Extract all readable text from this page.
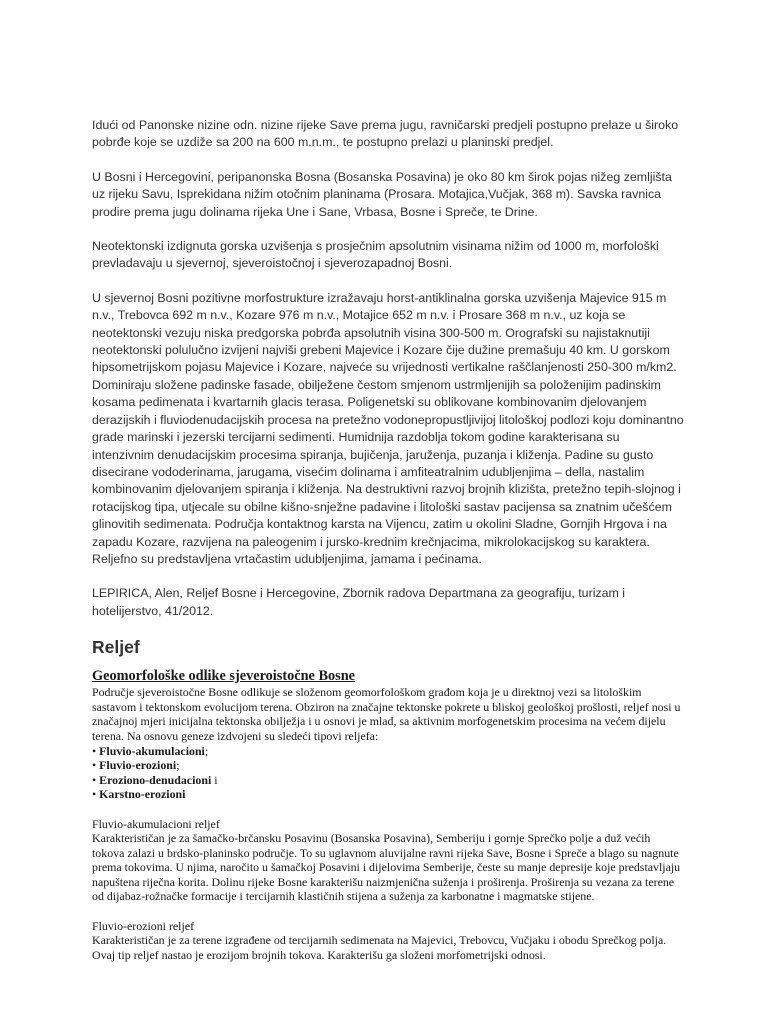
Idući od Panonske nizine odn. nizine rijeke Save prema jugu, ravničarski predjeli postupno prelaze u široko pobrđe koje se uzdiže sa 200 na 600 m.n.m., te postupno prelazi u planinski predjel.

U Bosni i Hercegovini, peripanonska Bosna (Bosanska Posavina) je oko 80 km širok pojas nižeg zemljišta uz rijeku Savu, Isprekidana nižim otočnim planinama (Prosara. Motajica,Vučjak, 368 m). Savska ravnica prodire prema jugu dolinama rijeka Une i Sane, Vrbasa, Bosne i Spreče, te Drine.

Neotektonski izdignuta gorska uzvišenja s prosječnim apsolutnim visinama nižim od 1000 m, morfološki prevladavaju u sjevernoj, sjeveroistočnoj i sjeverozapadnoj Bosni.

U sjevernoj Bosni pozitivne morfostrukture izražavaju horst-antiklinalna gorska uzvišenja Majevice 915 m n.v., Trebovca 692 m n.v., Kozare 976 m n.v., Motajice 652 m n.v. i Prosare 368 m n.v., uz koja se neotektonski vezuju niska predgorska pobrđa apsolutnih visina 300-500 m. Orografski su najistaknutiji neotektonski polulučno izvijeni najviši grebeni Majevice i Kozare čije dužine premašuju 40 km. U gorskom hipsometrijskom pojasu Majevice i Kozare, najveće su vrijednosti vertikalne raščlanjenosti 250-300 m/km2. Dominiraju složene padinske fasade, obilježene čestom smjenom ustrmljenijih sa položenijim padinskim kosama pedimenata i kvartarnih glacis terasa. Poligenetski su oblikovane kombinovanim djelovanjem derazijskih i fluviodenudacijskih procesa na pretežno vodonepropustljivijoj litološkoj podlozi koju dominantno grade marinski i jezerski tercijarni sedimenti. Humidnija razdoblja tokom godine karakterisana su intenzivnim denudacijskim procesima spiranja, bujičenja, jaruženja, puzanja i kliženja. Padine su gusto disecirane vododerinama, jarugama, visećim dolinama i amfiteatralnim udubljenjima – della, nastalim kombinovanim djelovanjem spiranja i kliženja. Na destruktivni razvoj brojnih klizišta, pretežno tepih-slojnog i rotacijskog tipa, utjecale su obilne kišno-snježne padavine i litološki sastav pacijensa sa znatnim učešćem glinovitih sedimenata. Područja kontaktnog karsta na Vijencu, zatim u okolini Sladne, Gornjih Hrgova i na zapadu Kozare, razvijena na paleogenim i jursko-krednim krečnjacima, mikrolokacijskog su karaktera. Reljefno su predstavljena vrtačastim udubljenjima, jamama i pećinama.

LEPIRICA, Alen, Reljef Bosne i Hercegovine, Zbornik radova Departmana za geografiju, turizam i hotelijerstvo, 41/2012.

Reljef

Geomorfološke odlike sjeveroistočne Bosne

Područje sjeveroistočne Bosne odlikuje se složenom geomorfološkom građom koja je u direktnoj vezi sa litološkim sastavom i tektonskom evolucijom terena. Obziron na značajne tektonske pokrete u bliskoj geološkoj prošlosti, reljef nosi u značajnoj mjeri inicijalna tektonska obilježja i u osnovi je mlad, sa aktivnim morfogenetskim procesima na većem dijelu terena. Na osnovu geneze izdvojeni su sledeći tipovi reljefa:

• Fluvio-akumulacioni;
• Fluvio-erozioni;
• Eroziono-denudacioni i
• Karstno-erozioni

Fluvio-akumulacioni reljef

Karakterističan je za šamačko-brčansku Posavinu (Bosanska Posavina), Semberiju i gornje Sprečko polje a duž većih tokova zalazi u brdsko-planinsko područje. To su uglavnom aluvijalne ravni rijeka Save, Bosne i Spreče a blago su nagnute prema tokovima. U njima, naročito u šamačkoj Posavini i dijelovima Semberije, česte su manje depresije koje predstavljaju napuštena riječna korita. Dolinu rijeke Bosne karakterišu naizmjenična suženja i proširenja. Proširenja su vezana za terene od dijabaz-rožnačke formacije i tercijarnih klastičnih stijena a suženja za karbonatne i magmatske stijene.

Fluvio-erozioni reljef

Karakterističan je za terene izgrađene od tercijarnih sedimenata na Majevici, Trebovcu, Vučjaku i obodu Sprečkog polja. Ovaj tip reljef nastao je erozijom brojnih tokova. Karakterišu ga složeni morfometrijski odnosi.
